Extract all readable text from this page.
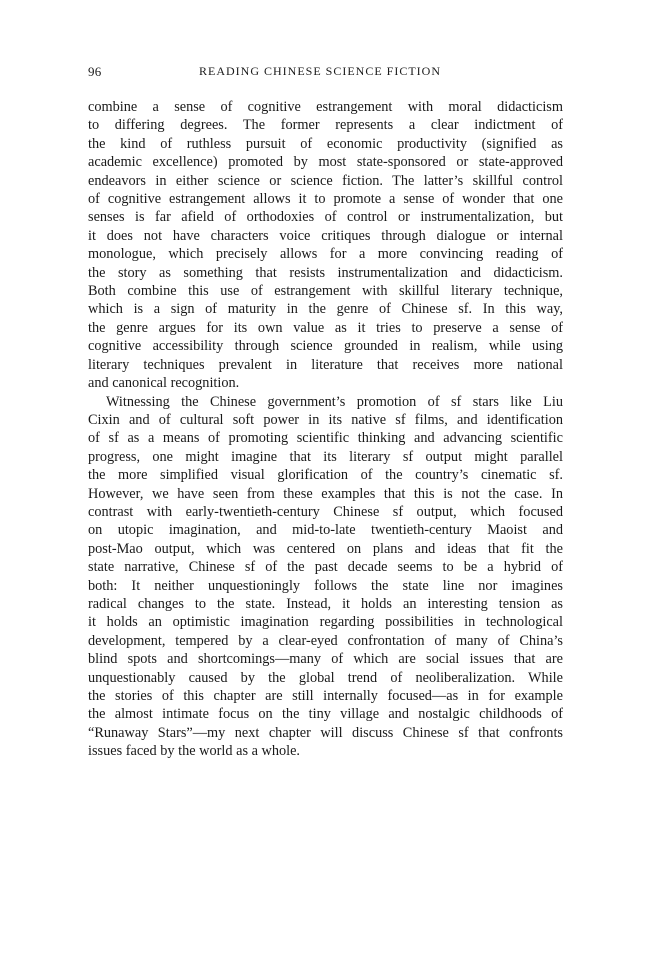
96	READING CHINESE SCIENCE FICTION
combine a sense of cognitive estrangement with moral didacticism
to differing degrees. The former represents a clear indictment of
the kind of ruthless pursuit of economic productivity (signified as
academic excellence) promoted by most state-sponsored or state-approved
endeavors in either science or science fiction. The latter’s skillful control
of cognitive estrangement allows it to promote a sense of wonder that one
senses is far afield of orthodoxies of control or instrumentalization, but
it does not have characters voice critiques through dialogue or internal
monologue, which precisely allows for a more convincing reading of
the story as something that resists instrumentalization and didacticism.
Both combine this use of estrangement with skillful literary technique,
which is a sign of maturity in the genre of Chinese sf. In this way,
the genre argues for its own value as it tries to preserve a sense of
cognitive accessibility through science grounded in realism, while using
literary techniques prevalent in literature that receives more national
and canonical recognition.
Witnessing the Chinese government’s promotion of sf stars like Liu
Cixin and of cultural soft power in its native sf films, and identification
of sf as a means of promoting scientific thinking and advancing scientific
progress, one might imagine that its literary sf output might parallel
the more simplified visual glorification of the country’s cinematic sf.
However, we have seen from these examples that this is not the case. In
contrast with early-twentieth-century Chinese sf output, which focused
on utopic imagination, and mid-to-late twentieth-century Maoist and
post-Mao output, which was centered on plans and ideas that fit the
state narrative, Chinese sf of the past decade seems to be a hybrid of
both: It neither unquestioningly follows the state line nor imagines
radical changes to the state. Instead, it holds an interesting tension as
it holds an optimistic imagination regarding possibilities in technological
development, tempered by a clear-eyed confrontation of many of China’s
blind spots and shortcomings—many of which are social issues that are
unquestionably caused by the global trend of neoliberalization. While
the stories of this chapter are still internally focused—as in for example
the almost intimate focus on the tiny village and nostalgic childhoods of
“Runaway Stars”—my next chapter will discuss Chinese sf that confronts
issues faced by the world as a whole.
